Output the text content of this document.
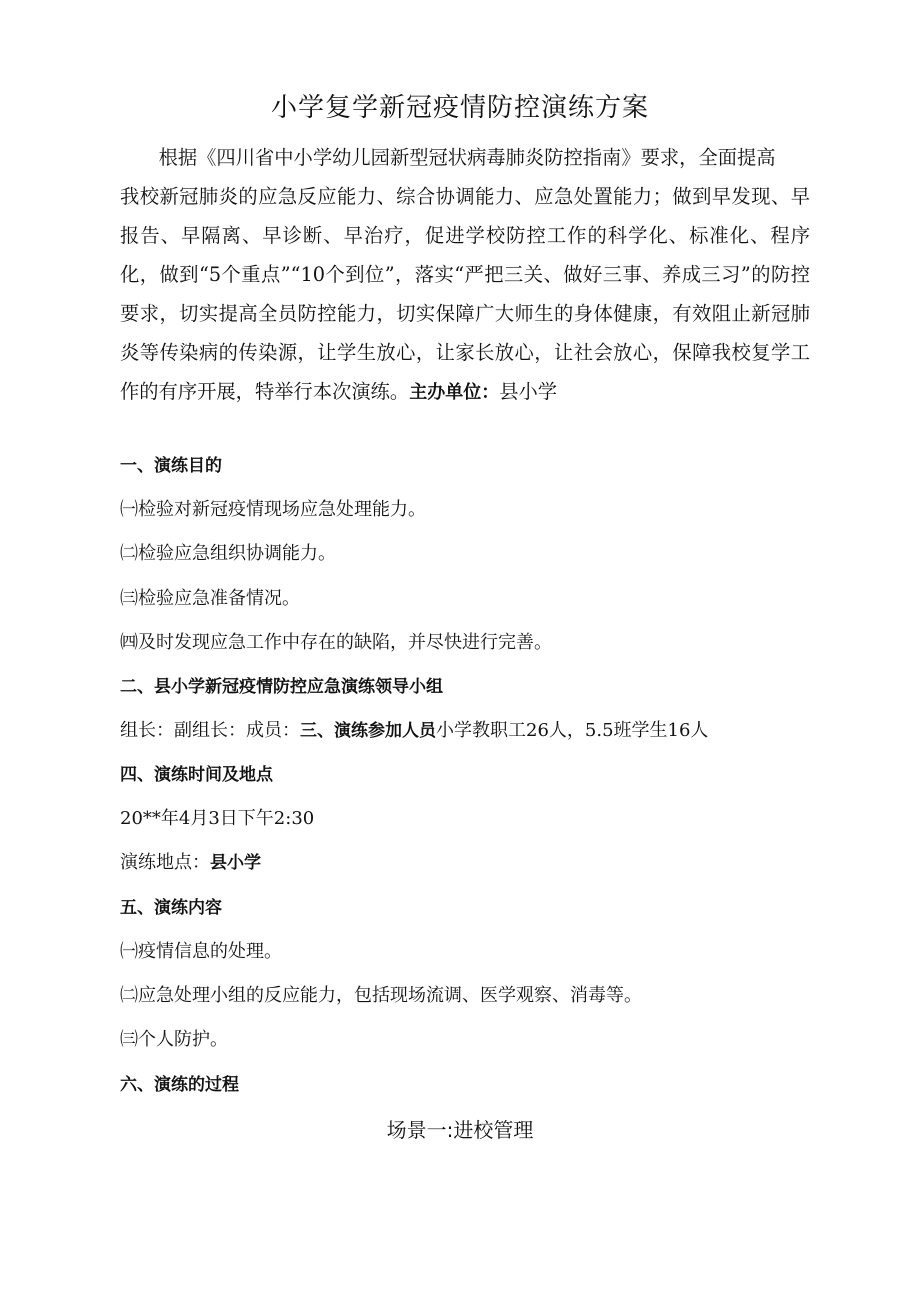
小学复学新冠疫情防控演练方案
根据《四川省中小学幼儿园新型冠状病毒肺炎防控指南》要求，全面提高
我校新冠肺炎的应急反应能力、综合协调能力、应急处置能力；做到早发现、早报告、早隔离、早诊断、早治疗，促进学校防控工作的科学化、标准化、程序化，做到“5个重点”“10个到位”，落实“严把三关、做好三事、养成三习”的防控要求，切实提高全员防控能力，切实保障广大师生的身体健康，有效阻止新冠肺炎等传染病的传染源，让学生放心，让家长放心，让社会放心，保障我校复学工作的有序开展，特举行本次演练。主办单位：县小学
一、演练目的
㈠检验对新冠疫情现场应急处理能力。
㈡检验应急组织协调能力。
㈢检验应急准备情况。
㈣及时发现应急工作中存在的缺陷，并尽快进行完善。
二、县小学新冠疫情防控应急演练领导小组
组长：副组长：成员：三、演练参加人员小学教职工26人，5.5班学生16人
四、演练时间及地点
20**年4月3日下午2:30
演练地点：县小学
五、演练内容
㈠疫情信息的处理。
㈡应急处理小组的反应能力，包括现场流调、医学观察、消毒等。
㈢个人防护。
六、演练的过程
场景一:进校管理
